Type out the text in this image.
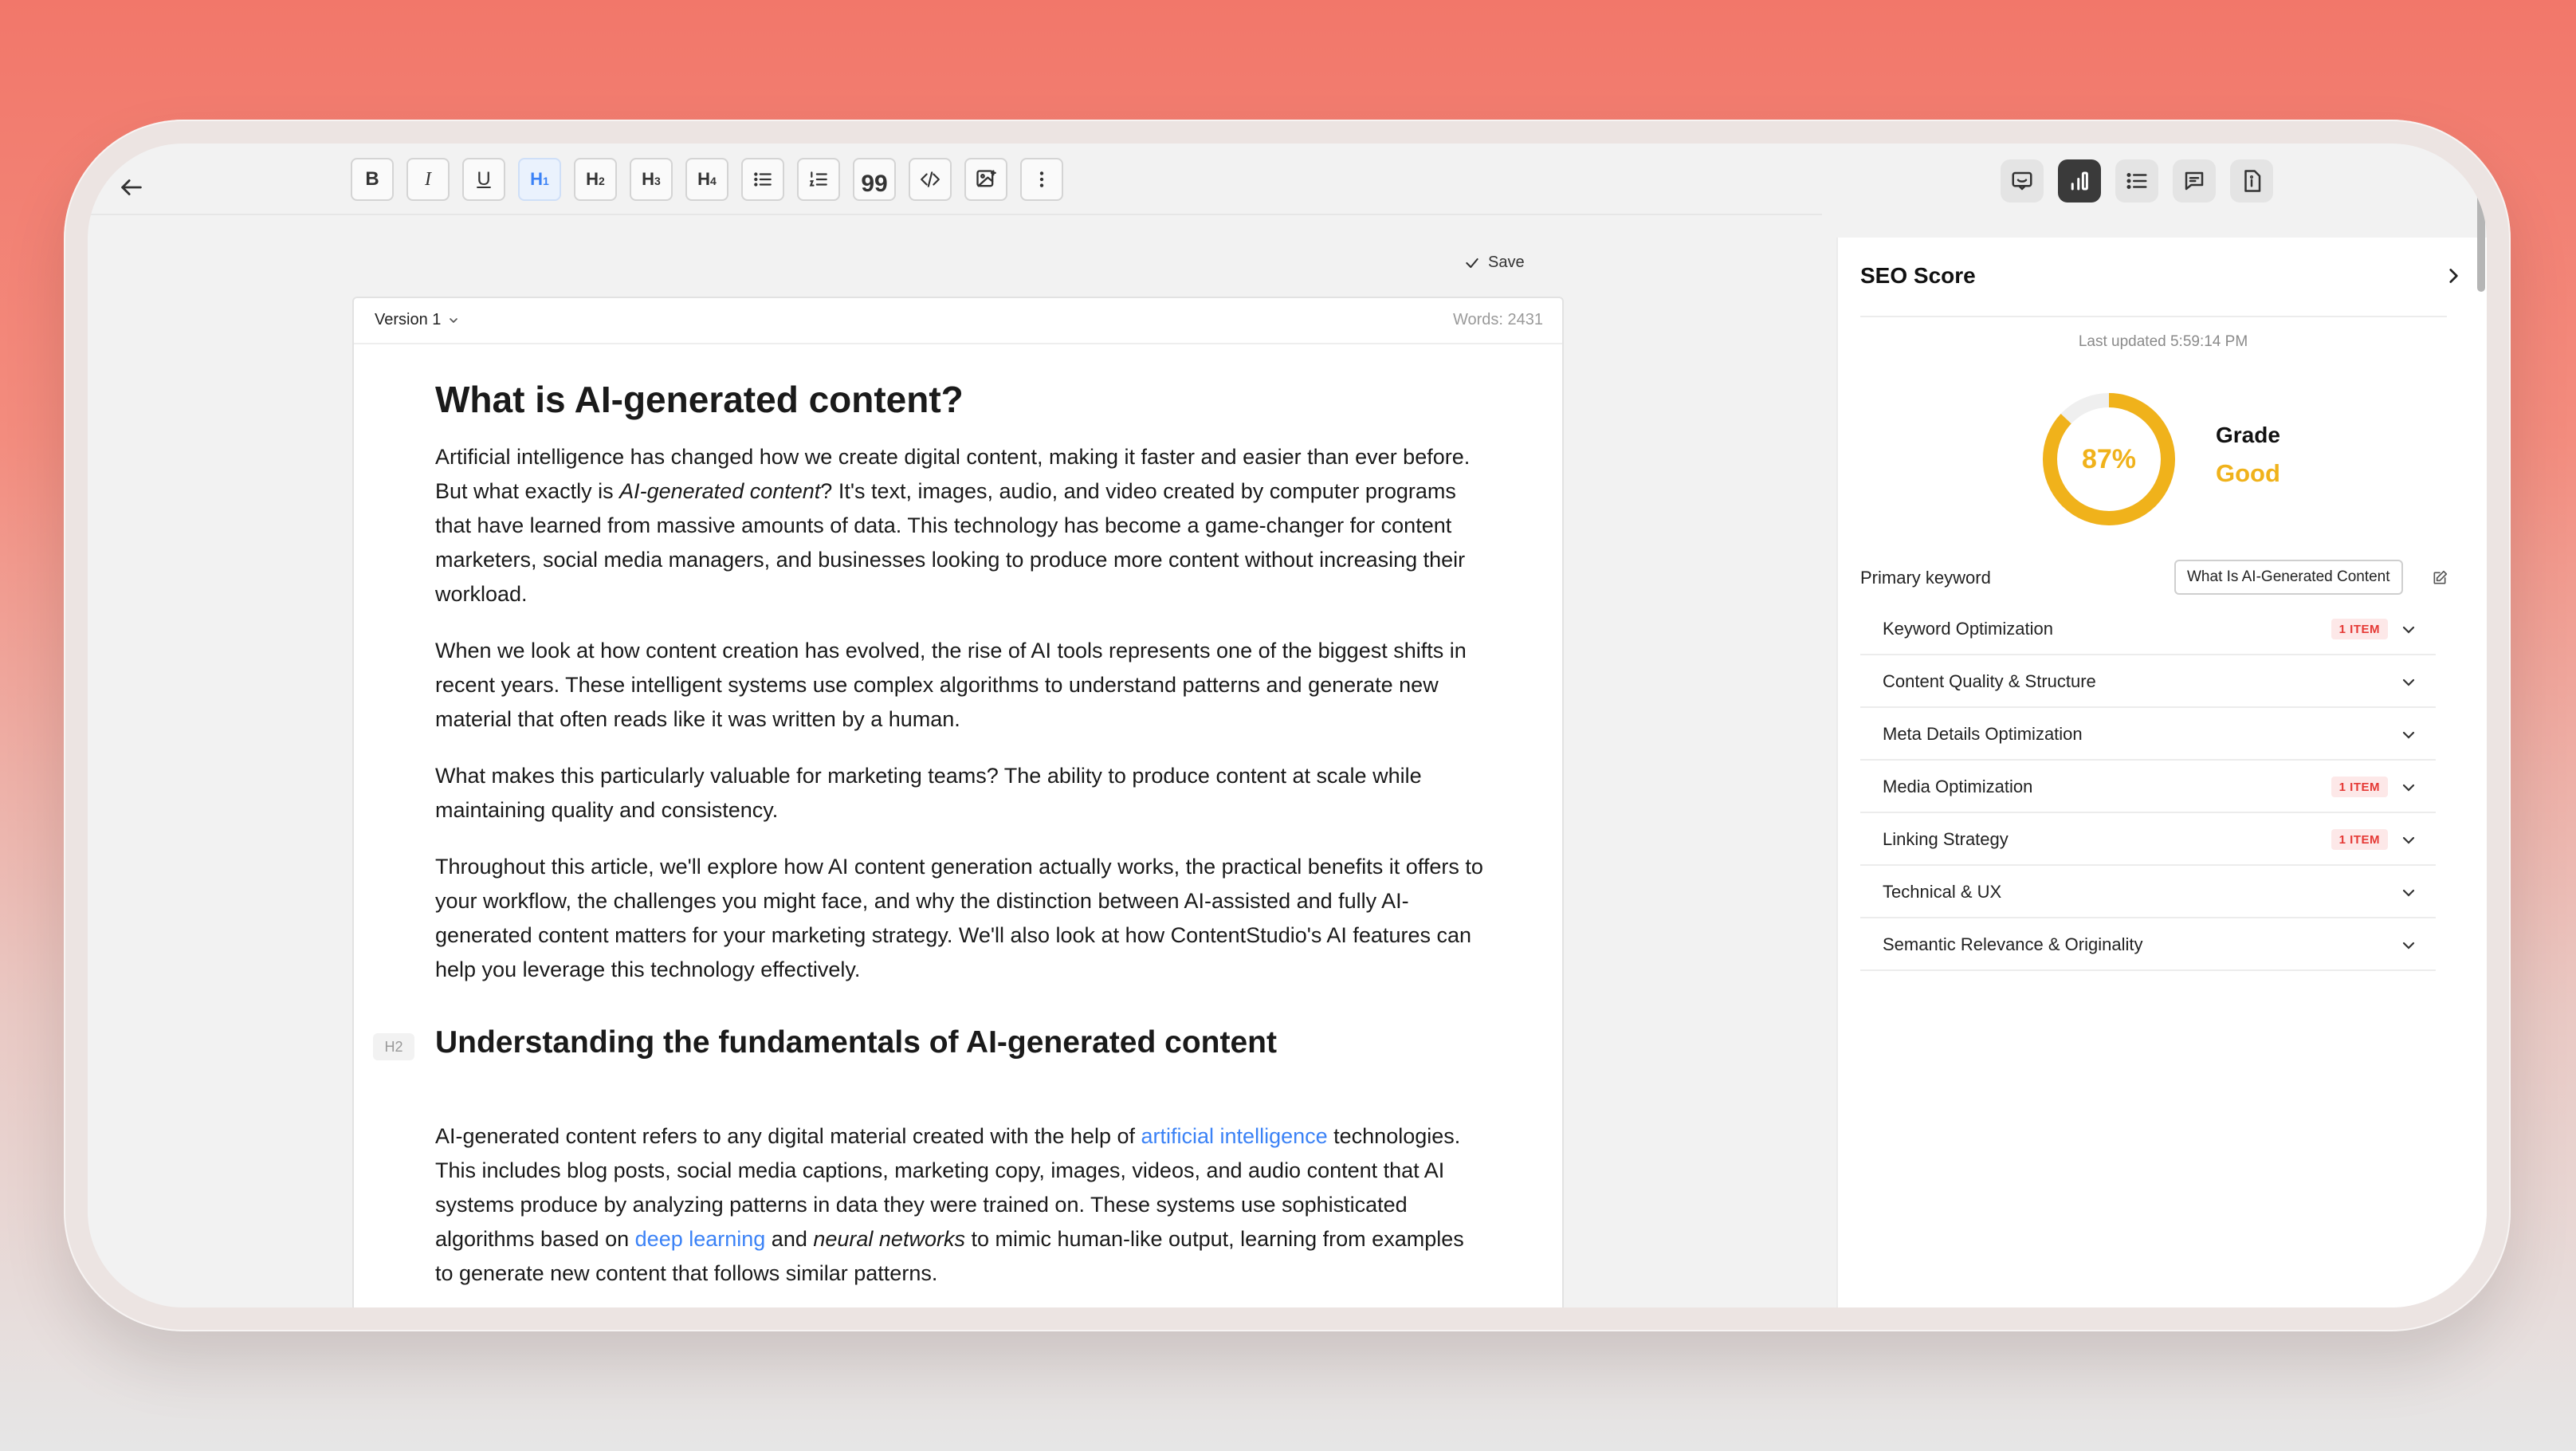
B I U H1 H2 H3 H4	99
Save
Version 1	Words: 2431
What is AI-generated content?

Artificial intelligence has changed how we create digital content, making it faster and easier than ever before. But what exactly is AI-generated content? It's text, images, audio, and video created by computer programs that have learned from massive amounts of data. This technology has become a game-changer for content marketers, social media managers, and businesses looking to produce more content without increasing their workload.

When we look at how content creation has evolved, the rise of AI tools represents one of the biggest shifts in recent years. These intelligent systems use complex algorithms to understand patterns and generate new material that often reads like it was written by a human.

What makes this particularly valuable for marketing teams? The ability to produce content at scale while maintaining quality and consistency.

Throughout this article, we'll explore how AI content generation actually works, the practical benefits it offers to your workflow, the challenges you might face, and why the distinction between AI-assisted and fully AI-generated content matters for your marketing strategy. We'll also look at how ContentStudio's AI features can help you leverage this technology effectively.

H2	Understanding the fundamentals of AI-generated content

AI-generated content refers to any digital material created with the help of artificial intelligence technologies. This includes blog posts, social media captions, marketing copy, images, videos, and audio content that AI systems produce by analyzing patterns in data they were trained on. These systems use sophisticated algorithms based on deep learning and neural networks to mimic human-like output, learning from examples to generate new content that follows similar patterns.

SEO Score
Last updated 5:59:14 PM
87%
Grade
Good
Primary keyword	What Is AI-Generated Content
Keyword Optimization	1 ITEM
Content Quality & Structure
Meta Details Optimization
Media Optimization	1 ITEM
Linking Strategy	1 ITEM
Technical & UX
Semantic Relevance & Originality
